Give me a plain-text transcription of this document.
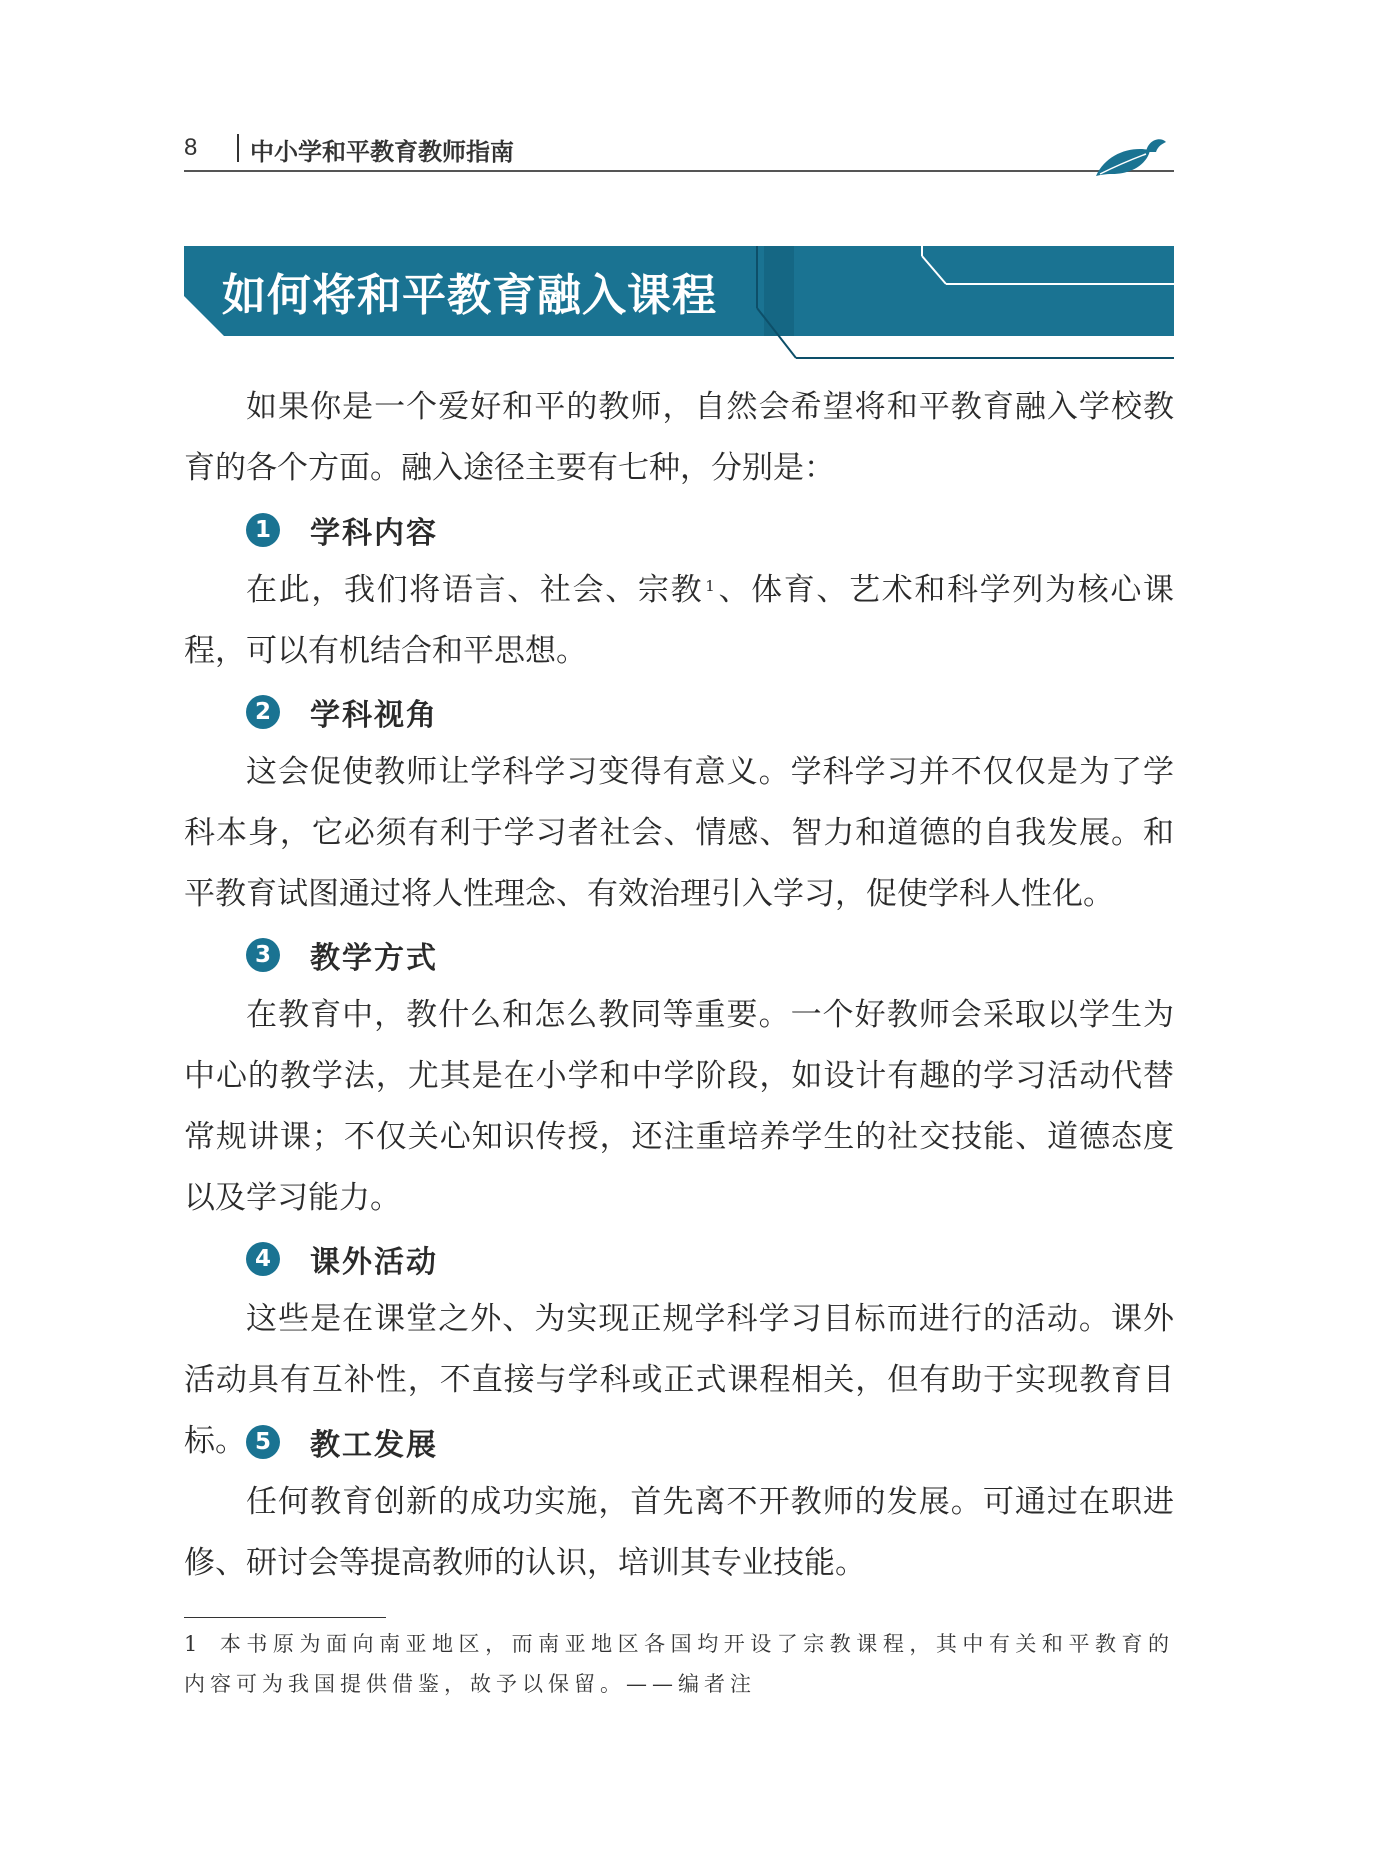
8 中小学和平教育教师指南
如何将和平教育融入课程

如果你是一个爱好和平的教师，自然会希望将和平教育融入学校教育的各个方面。融入途径主要有七种，分别是：

1	学科内容

在此，我们将语言、社会、宗教 $^1$、体育、艺术和科学列为核心课程，可以有机结合和平思想。

2	学科视角

这会促使教师让学科学习变得有意义。学科学习并不仅仅是为了学科本身，它必须有利于学习者社会、情感、智力和道德的自我发展。和平教育试图通过将人性理念、有效治理引入学习，促使学科人性化。

3	教学方式

在教育中，教什么和怎么教同等重要。一个好教师会采取以学生为中心的教学法，尤其是在小学和中学阶段，如设计有趣的学习活动代替常规讲课；不仅关心知识传授，还注重培养学生的社交技能、道德态度以及学习能力。

4	课外活动

这些是在课堂之外、为实现正规学科学习目标而进行的活动。课外活动具有互补性，不直接与学科或正式课程相关，但有助于实现教育目标。 5	教工发展

任何教育创新的成功实施，首先离不开教师的发展。可通过在职进修、研讨会等提高教师的认识，培训其专业技能。

1 本书原为面向南亚地区，而南亚地区各国均开设了宗教课程，其中有关和平教育的内容可为我国提供借鉴，故予以保留。——编者注
